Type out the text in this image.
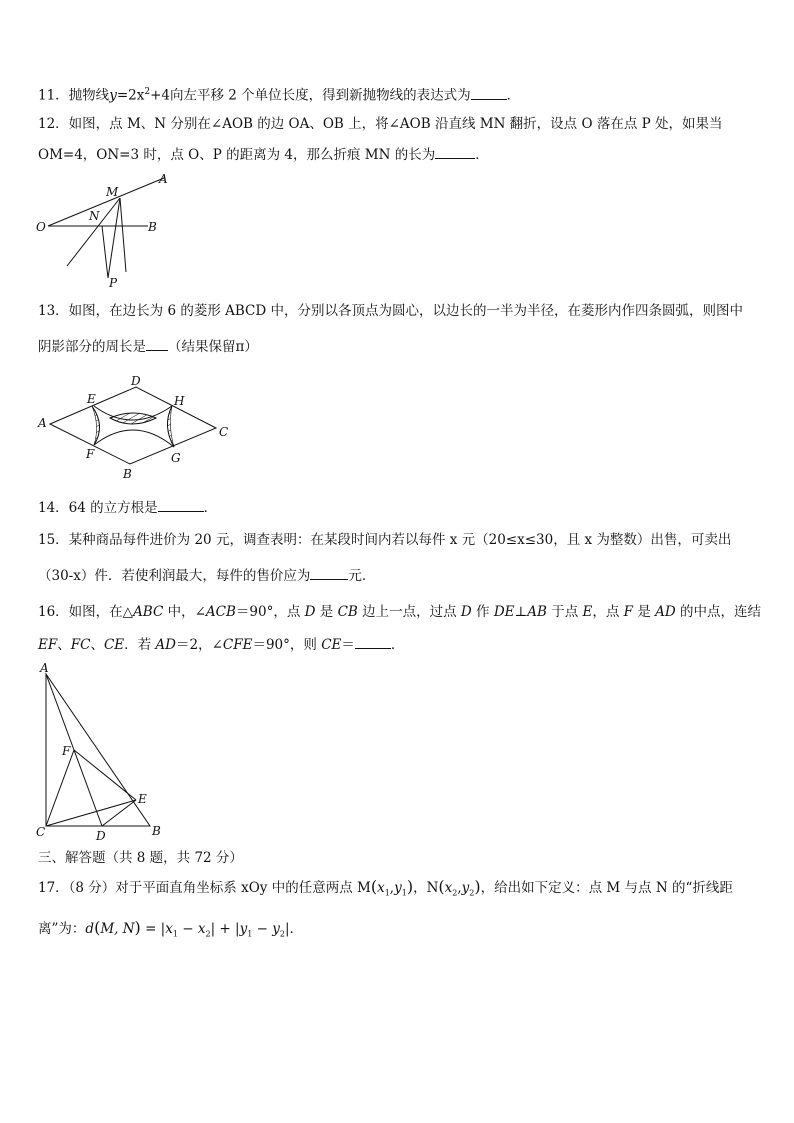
11．抛物线$y=2x^2+4$向左平移 2 个单位长度，得到新抛物线的表达式为	．
12．如图，点 M、N 分别在∠AOB 的边 OA、OB 上，将∠AOB 沿直线 MN 翻折，设点 O 落在点 P 处，如果当
OM=4，ON=3 时，点 O、P 的距离为 4，那么折痕 MN 的长为	．
O
M
N
A
B
P
13．如图，在边长为 6 的菱形 ABCD 中，分别以各顶点为圆心，以边长的一半为半径，在菱形内作四条圆弧，则图中
阴影部分的周长是 （结果保留π）
A
B
C
D
E
F	G
H
14．64 的立方根是	．
15．某种商品每件进价为 20 元，调查表明：在某段时间内若以每件 x 元（20≤x≤30，且 x 为整数）出售，可卖出
（30-x）件．若使利润最大，每件的售价应为	元．
16．如图，在△ABC 中，∠ACB＝90°，点 D 是 CB 边上一点，过点 D 作 DE⊥AB 于点 E，点 F 是 AD 的中点，连结
EF、FC、CE．若 AD＝2，∠CFE＝90°，则 CE＝	．
A
F
E
C	D	B
三、解答题（共 8 题，共 72 分）
17．（8 分）对于平面直角坐标系 xOy 中的任意两点 $M(x_1,y_1)$，$N(x_2,y_2)$，给出如下定义：点 M 与点 N 的“折线距
离”为：d(M, $N) = |x_1 - x_2| + |y_1 - y_2|$．
